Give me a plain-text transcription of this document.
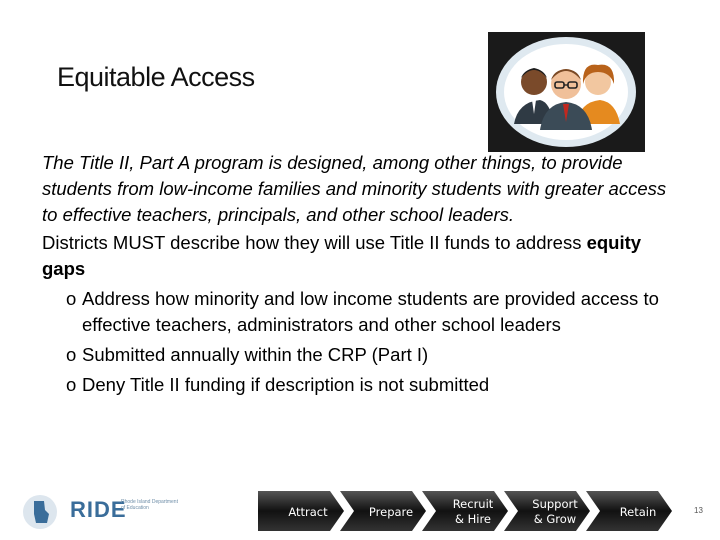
Equitable Access

The Title II, Part A program is designed, among other things, to provide students from low-income families and minority students with greater access to effective teachers, principals, and other school leaders.

Districts MUST describe how they will use Title II funds to address equity gaps

o Address how minority and low income students are provided access to effective teachers, administrators and other school leaders

o Submitted annually within the CRP (Part I)

o Deny Title II funding if description is not submitted

RIDE
Rhode Island Department of Education	Attract	Prepare
Recruit
& Hire
Support
& Grow	Retain	13
